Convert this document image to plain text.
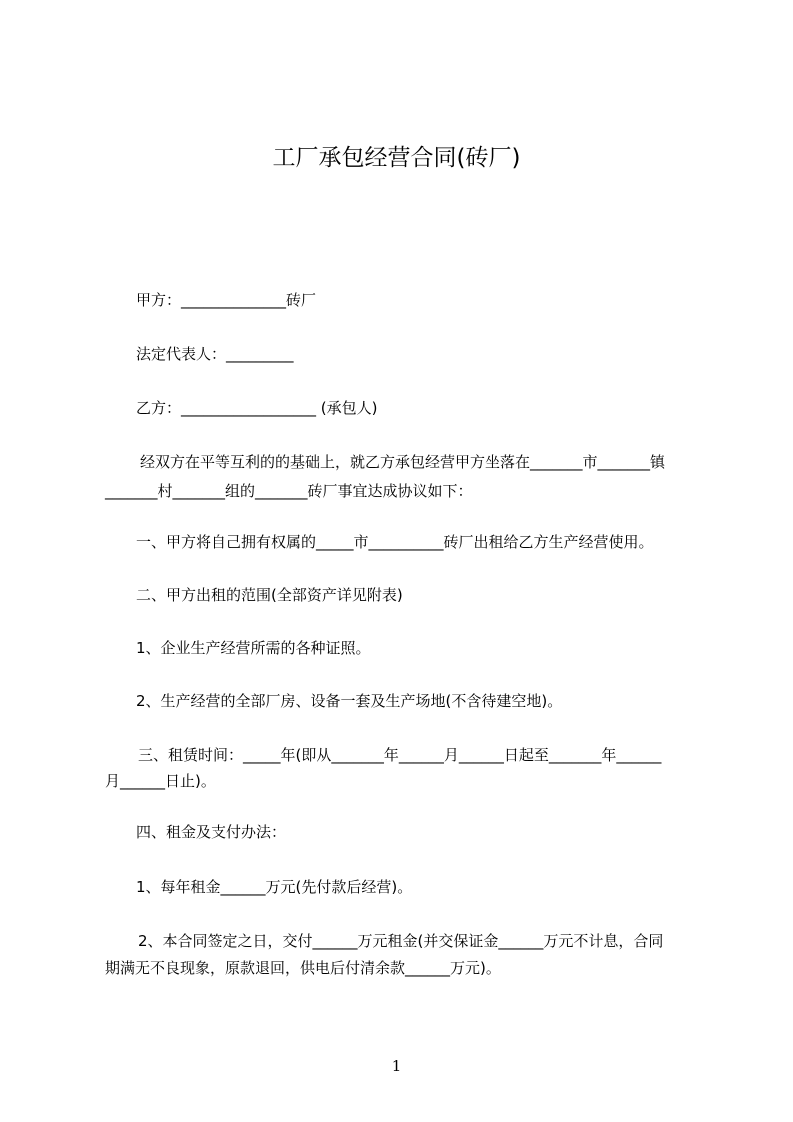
工厂承包经营合同(砖厂)
甲方：______________砖厂
法定代表人：_________
乙方：__________________ (承包人)
经双方在平等互利的的基础上，就乙方承包经营甲方坐落在_______市_______镇
_______村_______组的_______砖厂事宜达成协议如下：
一、甲方将自己拥有权属的_____市__________砖厂出租给乙方生产经营使用。
二、甲方出租的范围(全部资产详见附表)
1、企业生产经营所需的各种证照。
2、生产经营的全部厂房、设备一套及生产场地(不含待建空地)。
三、租赁时间：_____年(即从_______年______月______日起至_______年______
月______日止)。
四、租金及支付办法：
1、每年租金______万元(先付款后经营)。
2、本合同签定之日，交付______万元租金(并交保证金______万元不计息，合同
期满无不良现象，原款退回，供电后付清余款______万元)。
1
